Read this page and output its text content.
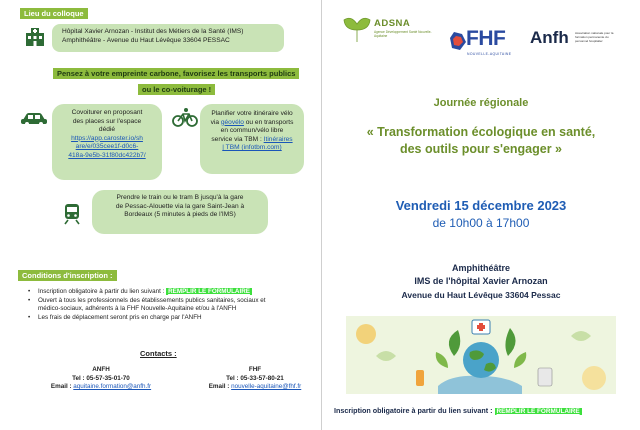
Lieu du colloque
Hôpital Xavier Arnozan - Institut des Métiers de la Santé (IMS)
Amphithéâtre - Avenue du Haut Lévêque 33604 PESSAC
Pensez à votre empreinte carbone, favorisez les transports publics
ou le co-voiturage !
Covoiturer en proposant
des places sur l'espace
dédié
https://app.caroster.io/sh
are/e/035cee1f-d0c6-
418a-9e5b-31f80dc422b7/
Planifier votre itinéraire vélo
via géovélo ou en transports
en commun/vélo libre
service via TBM : Itinéraires
| TBM (infotbm.com)
Prendre le train ou le tram B jusqu'à la gare
de Pessac-Alouette via la gare Saint-Jean à
Bordeaux (5 minutes à pieds de l'IMS)
Conditions d'inscription :
• Inscription obligatoire à partir du lien suivant : REMPLIR LE FORMULAIRE
• Ouvert à tous les professionnels des établissements publics sanitaires, sociaux et
médico-sociaux, adhérents à la FHF Nouvelle-Aquitaine et/ou à l'ANFH
• Les frais de déplacement seront pris en charge par l'ANFH
Contacts :
ANFH
Tel : 05-57-35-01-70
Email : aquitaine.formation@anfh.fr
FHF
Tel : 05-33-57-80-21
Email : nouvelle-aquitaine@fhf.fr
ADSNA
Agence Développement Santé Nouvelle-Aquitaine	FHF
NOUVELLE-AQUITAINE
Anfh Association nationale pour la formation permanente du personnel hospitalier
Journée régionale
« Transformation écologique en santé,
des outils pour s'engager »
Vendredi 15 décembre 2023
de 10h00 à 17h00
Amphithéâtre
IMS de l'hôpital Xavier Arnozan
Avenue du Haut Lévêque 33604 Pessac
Inscription obligatoire à partir du lien suivant : REMPLIR LE FORMULAIRE
